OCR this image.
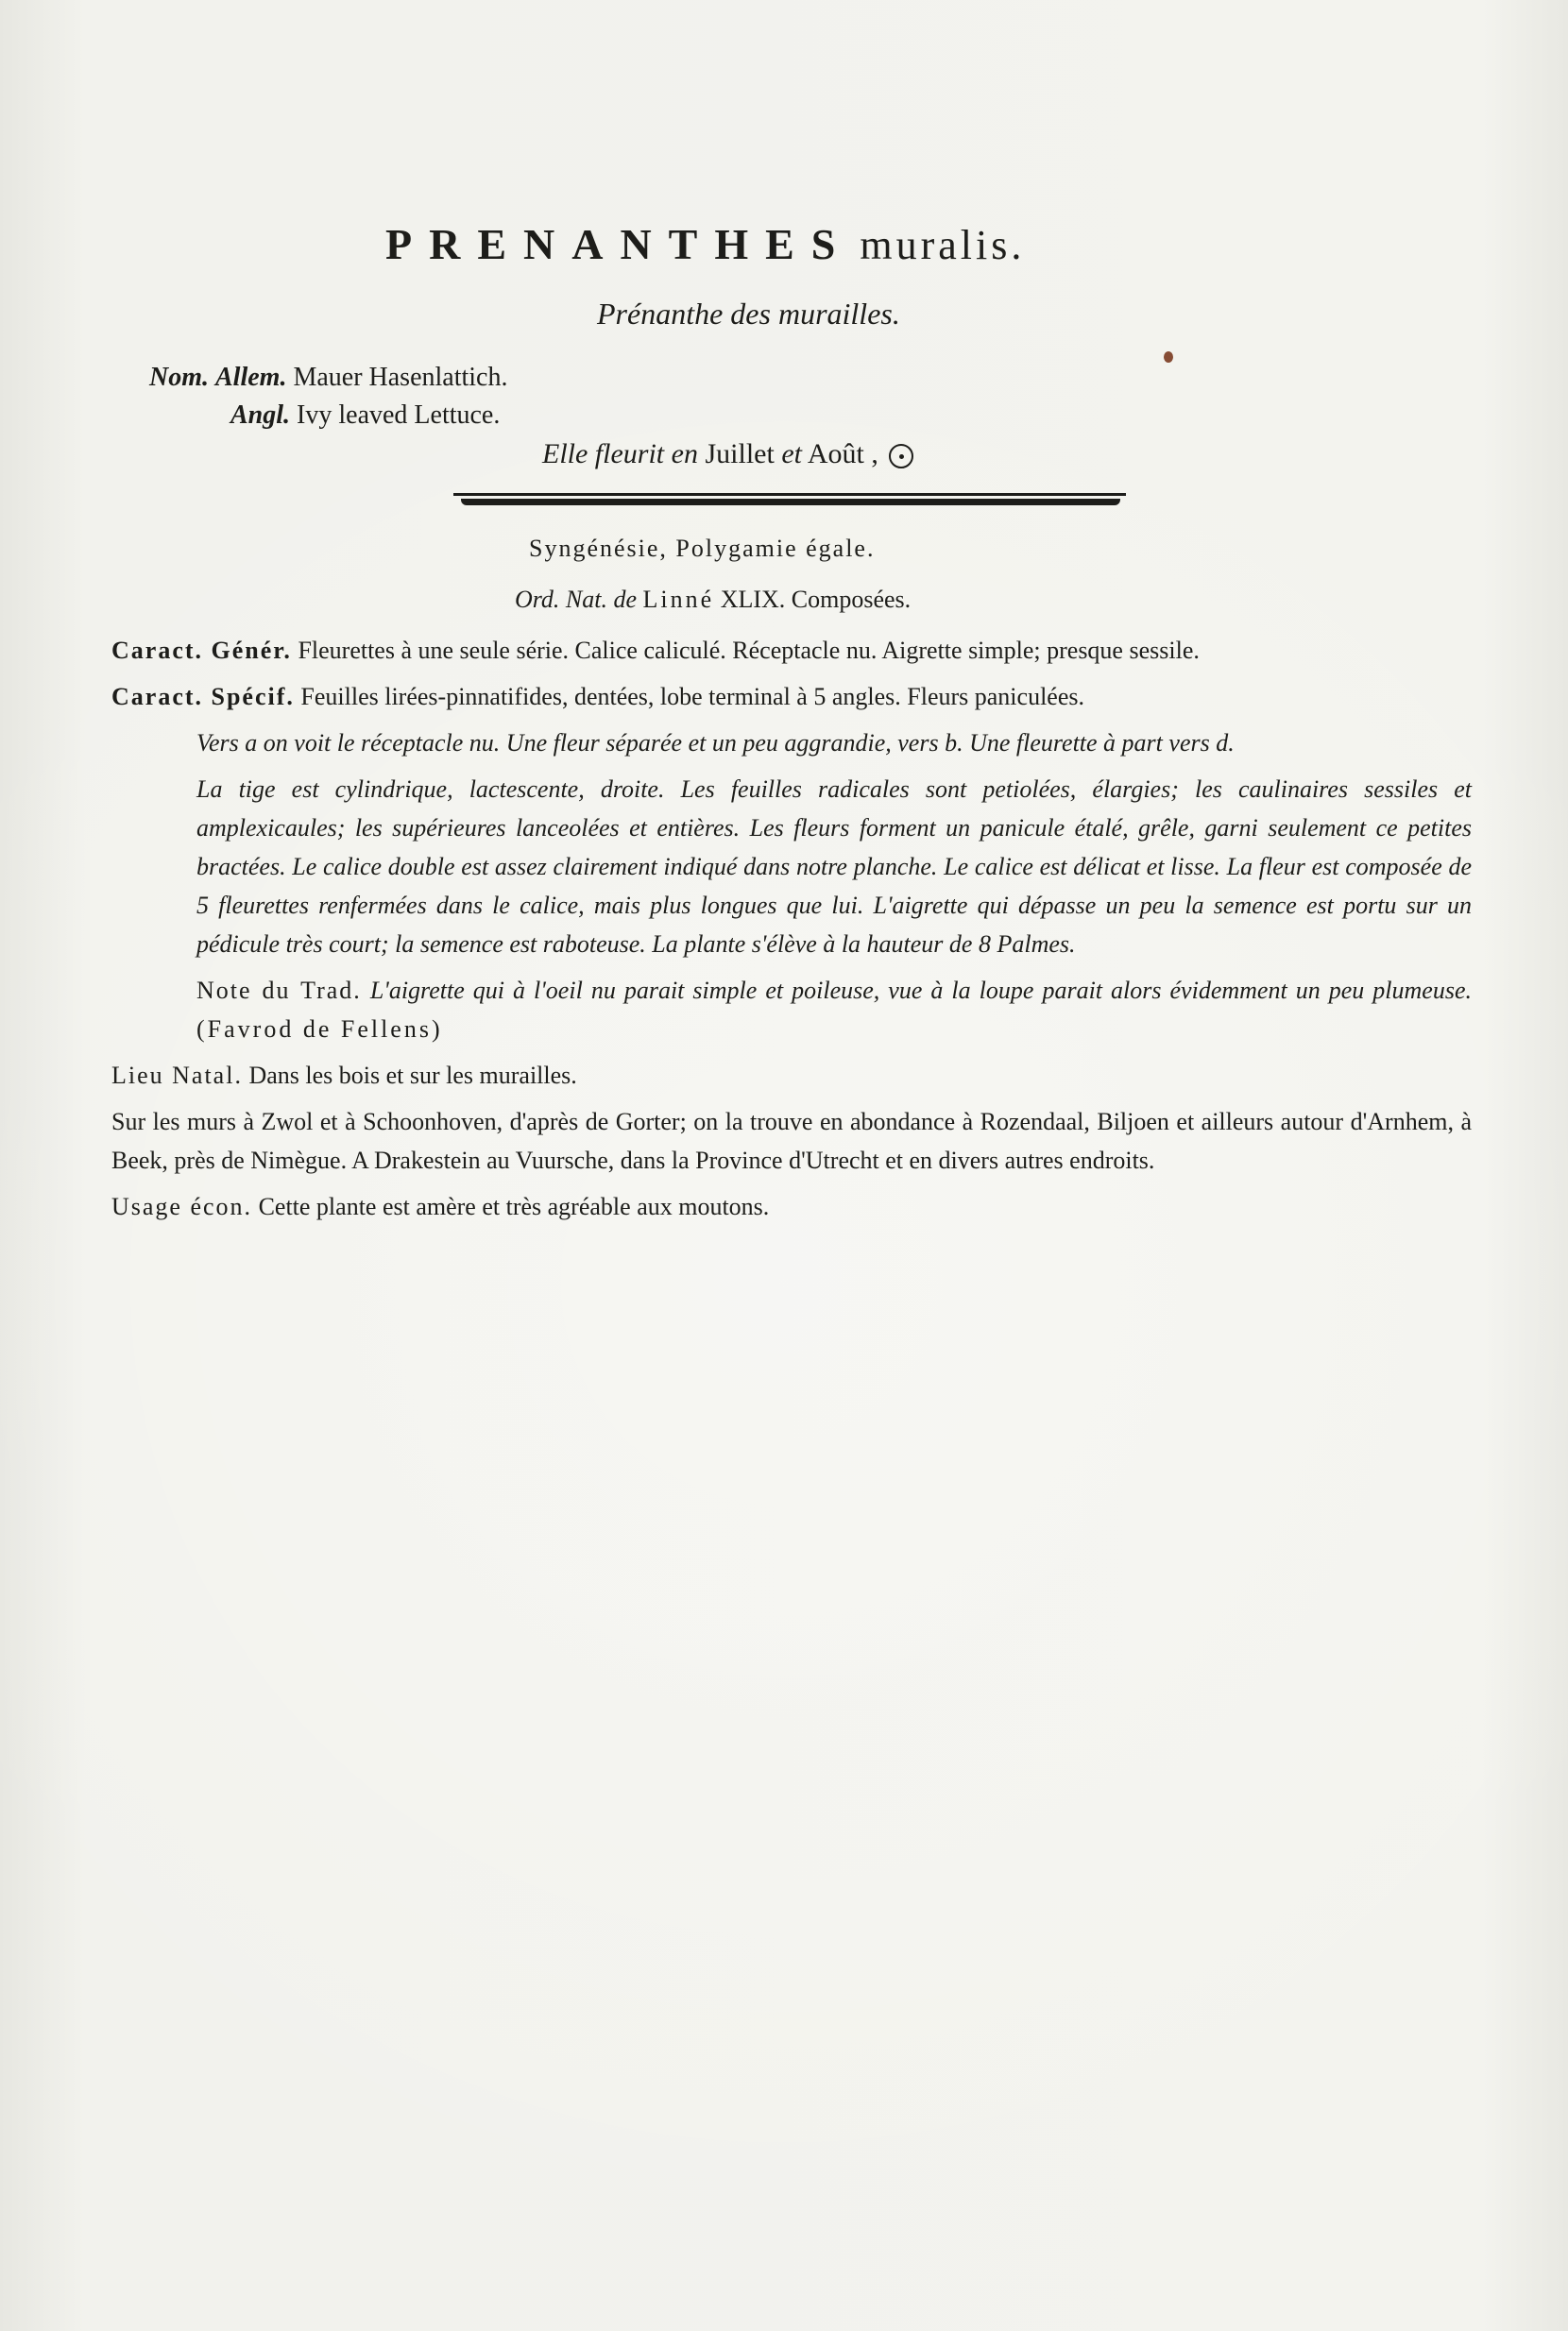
PRENANTHES muralis.
Prénanthe des murailles.
Nom. Allem. Mauer Hasenlattich.
Angl. Ivy leaved Lettuce.
Elle fleurit en Juillet et Août ,
Syngénésie, Polygamie égale.
Ord. Nat. de Linné XLIX. Composées.

Caract. Génér. Fleurettes à une seule série. Calice caliculé. Réceptacle nu. Aigrette simple; presque sessile.

Caract. Spécif. Feuilles lirées-pinnatifides, dentées, lobe terminal à 5 angles. Fleurs paniculées.

Vers a on voit le réceptacle nu. Une fleur séparée et un peu aggrandie, vers b. Une fleurette à part vers d.

La tige est cylindrique, lactescente, droite. Les feuilles radicales sont petiolées, élargies; les caulinaires sessiles et amplexicaules; les supérieures lanceolées et entières. Les fleurs forment un panicule étalé, grêle, garni seulement ce petites bractées. Le calice double est assez clairement indiqué dans notre planche. Le calice est délicat et lisse. La fleur est composée de 5 fleurettes renfermées dans le calice, mais plus longues que lui. L'aigrette qui dépasse un peu la semence est portu sur un pédicule très court; la semence est raboteuse. La plante s'élève à la hauteur de 8 Palmes.

Note du Trad. L'aigrette qui à l'oeil nu parait simple et poileuse, vue à la loupe parait alors évidemment un peu plumeuse. (Favrod de Fellens)

Lieu Natal. Dans les bois et sur les murailles.

Sur les murs à Zwol et à Schoonhoven, d'après de Gorter; on la trouve en abondance à Rozendaal, Biljoen et ailleurs autour d'Arnhem, à Beek, près de Nimègue. A Drakestein au Vuursche, dans la Province d'Utrecht et en divers autres endroits.

Usage écon. Cette plante est amère et très agréable aux moutons.
